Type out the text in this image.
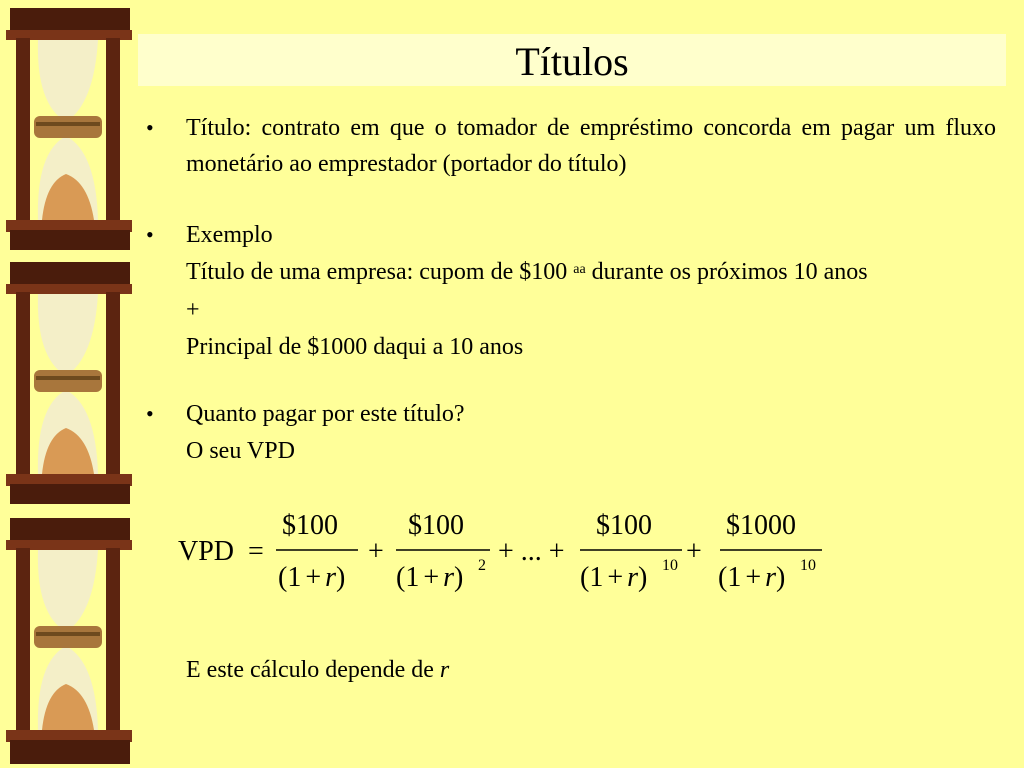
Títulos
• Título: contrato em que o tomador de empréstimo concorda em pagar um fluxo monetário ao emprestador (portador do título)
• Exemplo
Título de uma empresa: cupom de $100 $^{aa}$ durante os próximos 10 anos
+
Principal de $1000 daqui a 10 anos
• Quanto pagar por este título?
O seu VPD
VPD =
$100
(1 + r)
+
$100
(1 + r) 2 + ... +
$100
(1 + r) 10 +
$1000
(1 + r) 10
E este cálculo depende de r
